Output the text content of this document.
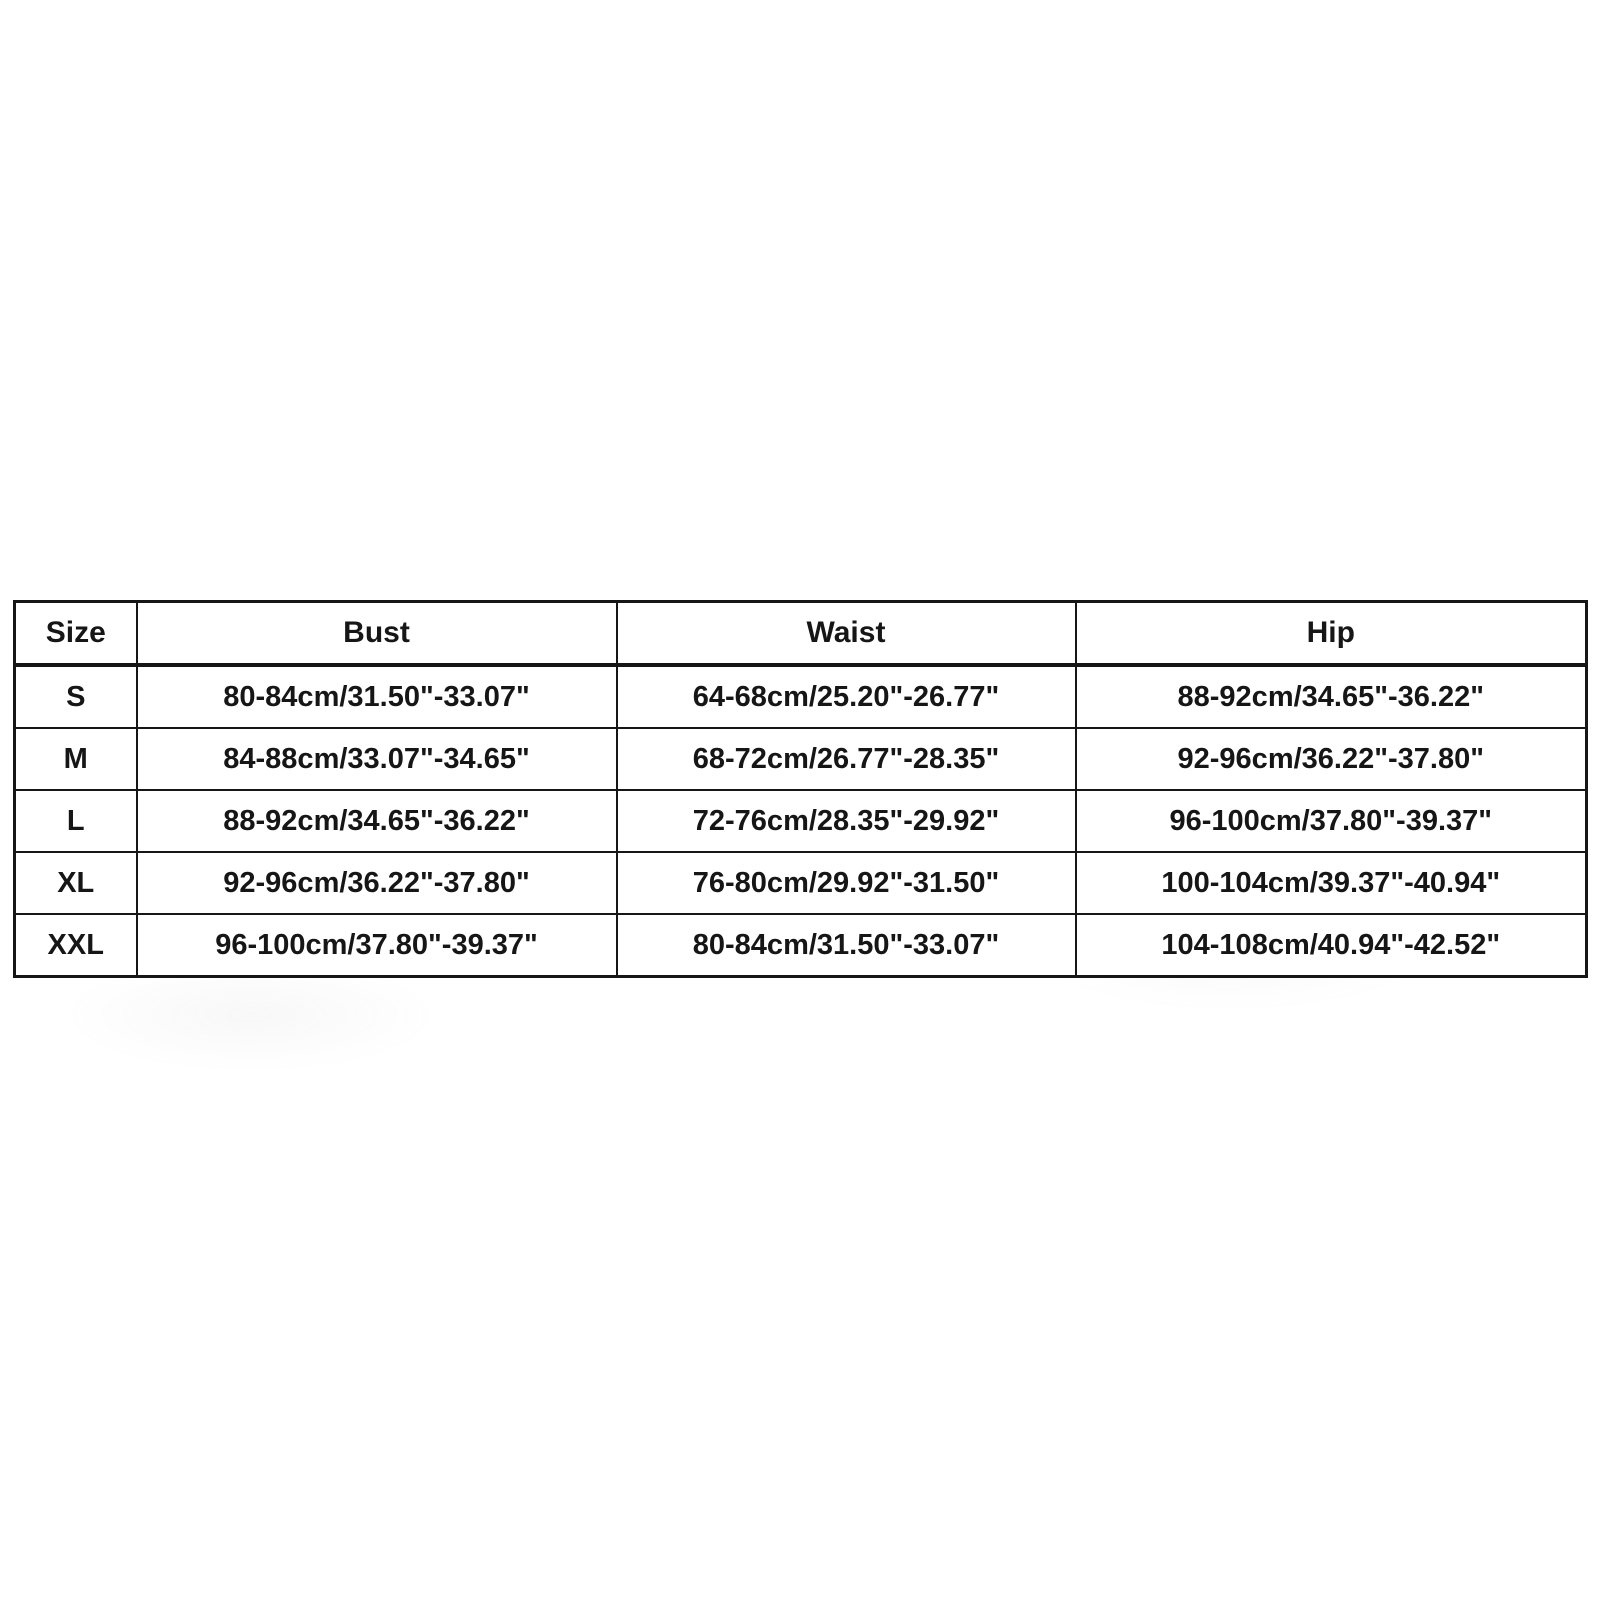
Size	Bust	Waist	Hip
S	80-84cm/31.50"-33.07"	64-68cm/25.20"-26.77"	88-92cm/34.65"-36.22"
M	84-88cm/33.07"-34.65"	68-72cm/26.77"-28.35"	92-96cm/36.22"-37.80"
L	88-92cm/34.65"-36.22"	72-76cm/28.35"-29.92"	96-100cm/37.80"-39.37"
XL	92-96cm/36.22"-37.80"	76-80cm/29.92"-31.50"	100-104cm/39.37"-40.94"
XXL	96-100cm/37.80"-39.37"	80-84cm/31.50"-33.07"	104-108cm/40.94"-42.52"
